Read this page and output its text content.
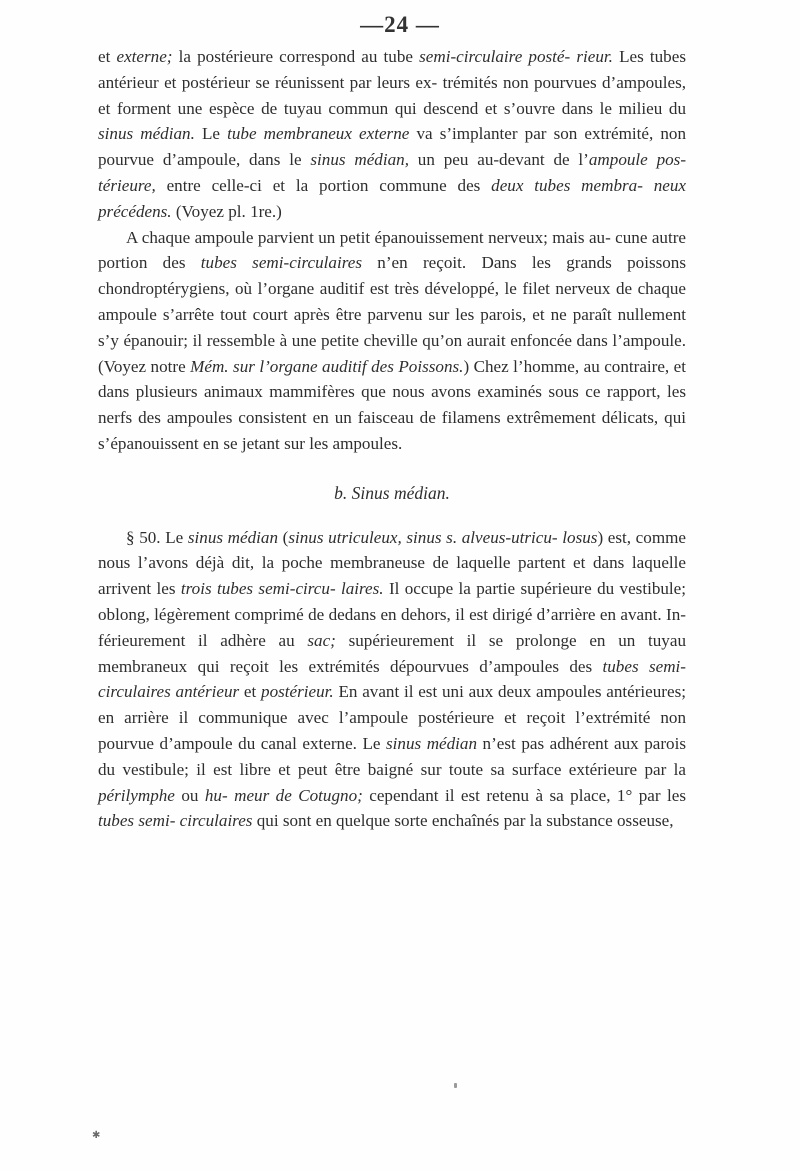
—24 —

et externe; la postérieure correspond au tube semi-circulaire posté- rieur. Les tubes antérieur et postérieur se réunissent par leurs ex- trémités non pourvues d’ampoules, et forment une espèce de tuyau commun qui descend et s’ouvre dans le milieu du sinus médian. Le tube membraneux externe va s’implanter par son extrémité, non pourvue d’ampoule, dans le sinus médian, un peu au-devant de l’ampoule pos- térieure, entre celle-ci et la portion commune des deux tubes membra- neux précédens. (Voyez pl. 1re.)

A chaque ampoule parvient un petit épanouissement nerveux; mais au- cune autre portion des tubes semi-circulaires n’en reçoit. Dans les grands poissons chondroptérygiens, où l’organe auditif est très développé, le filet nerveux de chaque ampoule s’arrête tout court après être parvenu sur les parois, et ne paraît nullement s’y épanouir; il ressemble à une petite cheville qu’on aurait enfoncée dans l’ampoule. (Voyez notre Mém. sur l’organe auditif des Poissons.) Chez l’homme, au contraire, et dans plusieurs animaux mammifères que nous avons examinés sous ce rapport, les nerfs des ampoules consistent en un faisceau de filamens extrêmement délicats, qui s’épanouissent en se jetant sur les ampoules.

b. Sinus médian.

§ 50. Le sinus médian (sinus utriculeux, sinus s. alveus-utricu- losus) est, comme nous l’avons déjà dit, la poche membraneuse de laquelle partent et dans laquelle arrivent les trois tubes semi-circu- laires. Il occupe la partie supérieure du vestibule; oblong, légèrement comprimé de dedans en dehors, il est dirigé d’arrière en avant. In- férieurement il adhère au sac; supérieurement il se prolonge en un tuyau membraneux qui reçoit les extrémités dépourvues d’ampoules des tubes semi-circulaires antérieur et postérieur. En avant il est uni aux deux ampoules antérieures; en arrière il communique avec l’ampoule postérieure et reçoit l’extrémité non pourvue d’ampoule du canal externe. Le sinus médian n’est pas adhérent aux parois du vestibule; il est libre et peut être baigné sur toute sa surface extérieure par la périlymphe ou hu- meur de Cotugno; cependant il est retenu à sa place, 1° par les tubes semi- circulaires qui sont en quelque sorte enchaînés par la substance osseuse,

✱
